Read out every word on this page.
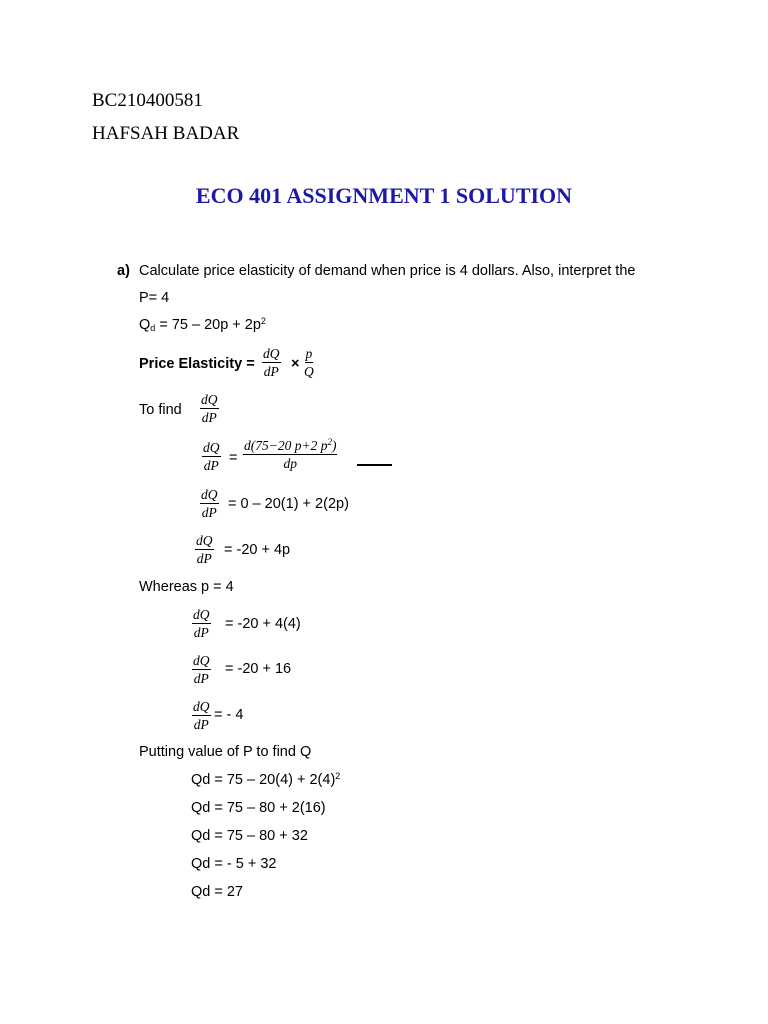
BC210400581
HAFSAH BADAR
ECO 401 ASSIGNMENT 1 SOLUTION
a) Calculate price elasticity of demand when price is 4 dollars. Also, interpret the
P= 4
$Q_d = 75 - 20p + 2p^2$
Price Elasticity = $\frac{dQ}{dP} \times \frac{p}{Q}$
To find $\frac{dQ}{dP}$
$\frac{dQ}{dP} = \frac{d(75-20 p+2 p^2)}{dp}$
$\frac{dQ}{dP} = 0 - 20(1) + 2(2p)$
$\frac{dQ}{dP} = -20 + 4p$
Whereas p = 4
$\frac{dQ}{dP} = -20 + 4(4)$
$\frac{dQ}{dP} = -20 + 16$
$\frac{dQ}{dP}$ = - 4
Putting value of P to find Q
$Qd = 75 - 20(4) + 2(4)^2$
Qd = 75 – 80 + 2(16)
Qd = 75 – 80 + 32
Qd = - 5 + 32
Qd = 27
